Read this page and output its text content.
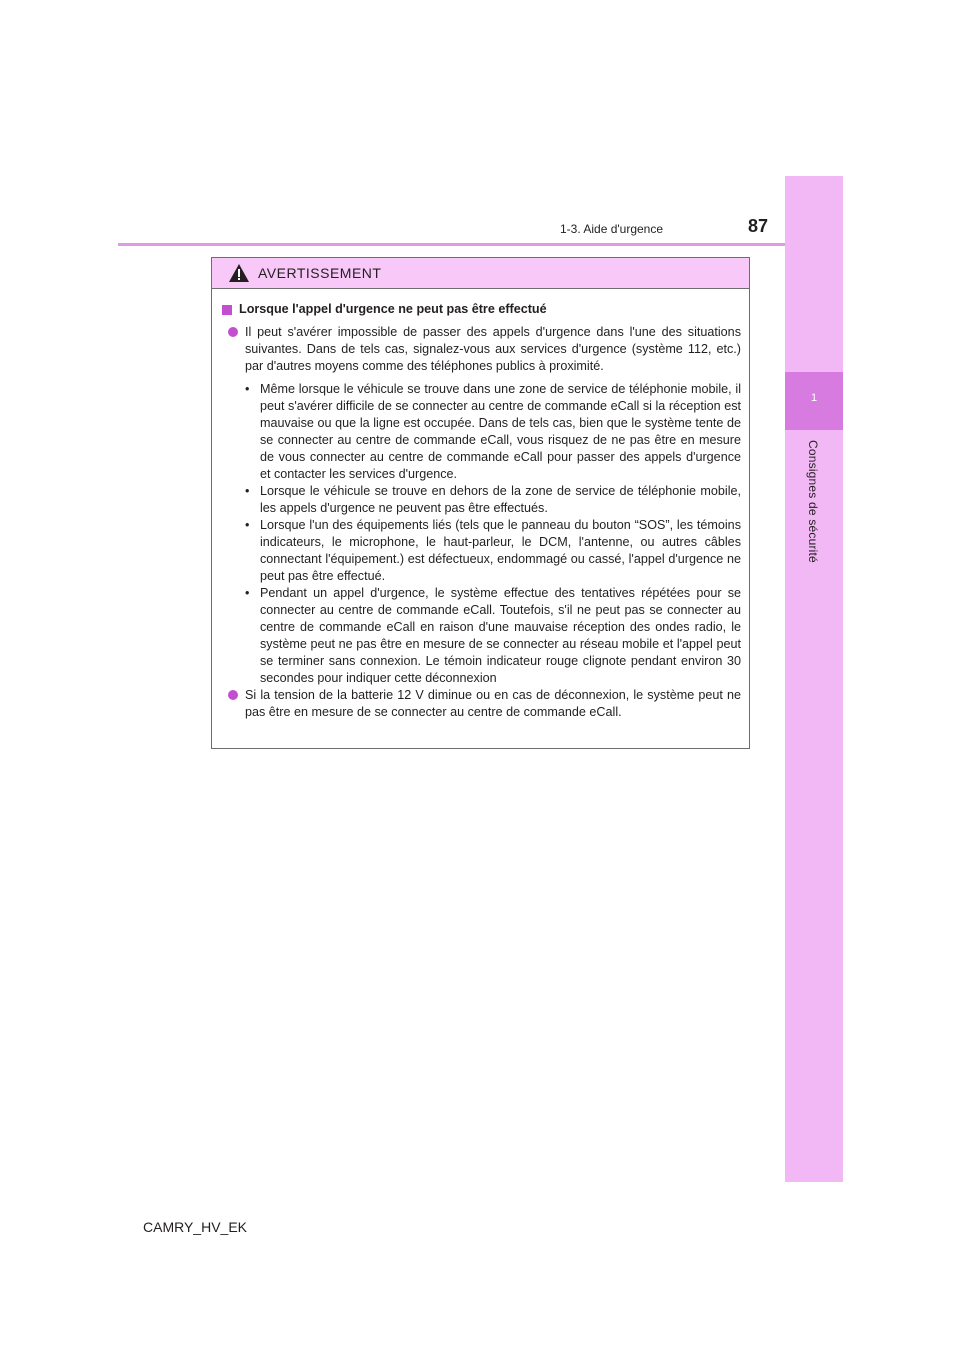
1
Consignes de sécurité
1-3. Aide d'urgence	87
AVERTISSEMENT
Lorsque l'appel d'urgence ne peut pas être effectué
Il peut s'avérer impossible de passer des appels d'urgence dans l'une des situations suivantes. Dans de tels cas, signalez-vous aux services d'urgence (système 112, etc.) par d'autres moyens comme des téléphones publics à proximité.
• Même lorsque le véhicule se trouve dans une zone de service de téléphonie mobile, il peut s'avérer difficile de se connecter au centre de commande eCall si la réception est mauvaise ou que la ligne est occupée. Dans de tels cas, bien que le système tente de se connecter au centre de commande eCall, vous risquez de ne pas être en mesure de vous connecter au centre de commande eCall pour passer des appels d'urgence et contacter les services d'urgence.
• Lorsque le véhicule se trouve en dehors de la zone de service de téléphonie mobile, les appels d'urgence ne peuvent pas être effectués.
• Lorsque l'un des équipements liés (tels que le panneau du bouton “SOS”, les témoins indicateurs, le microphone, le haut-parleur, le DCM, l'antenne, ou autres câbles connectant l'équipement.) est défectueux, endommagé ou cassé, l'appel d'urgence ne peut pas être effectué.
• Pendant un appel d'urgence, le système effectue des tentatives répétées pour se connecter au centre de commande eCall. Toutefois, s'il ne peut pas se connecter au centre de commande eCall en raison d'une mauvaise réception des ondes radio, le système peut ne pas être en mesure de se connecter au réseau mobile et l'appel peut se terminer sans connexion. Le témoin indicateur rouge clignote pendant environ 30 secondes pour indiquer cette déconnexion
Si la tension de la batterie 12 V diminue ou en cas de déconnexion, le système peut ne pas être en mesure de se connecter au centre de commande eCall.
CAMRY_HV_EK
